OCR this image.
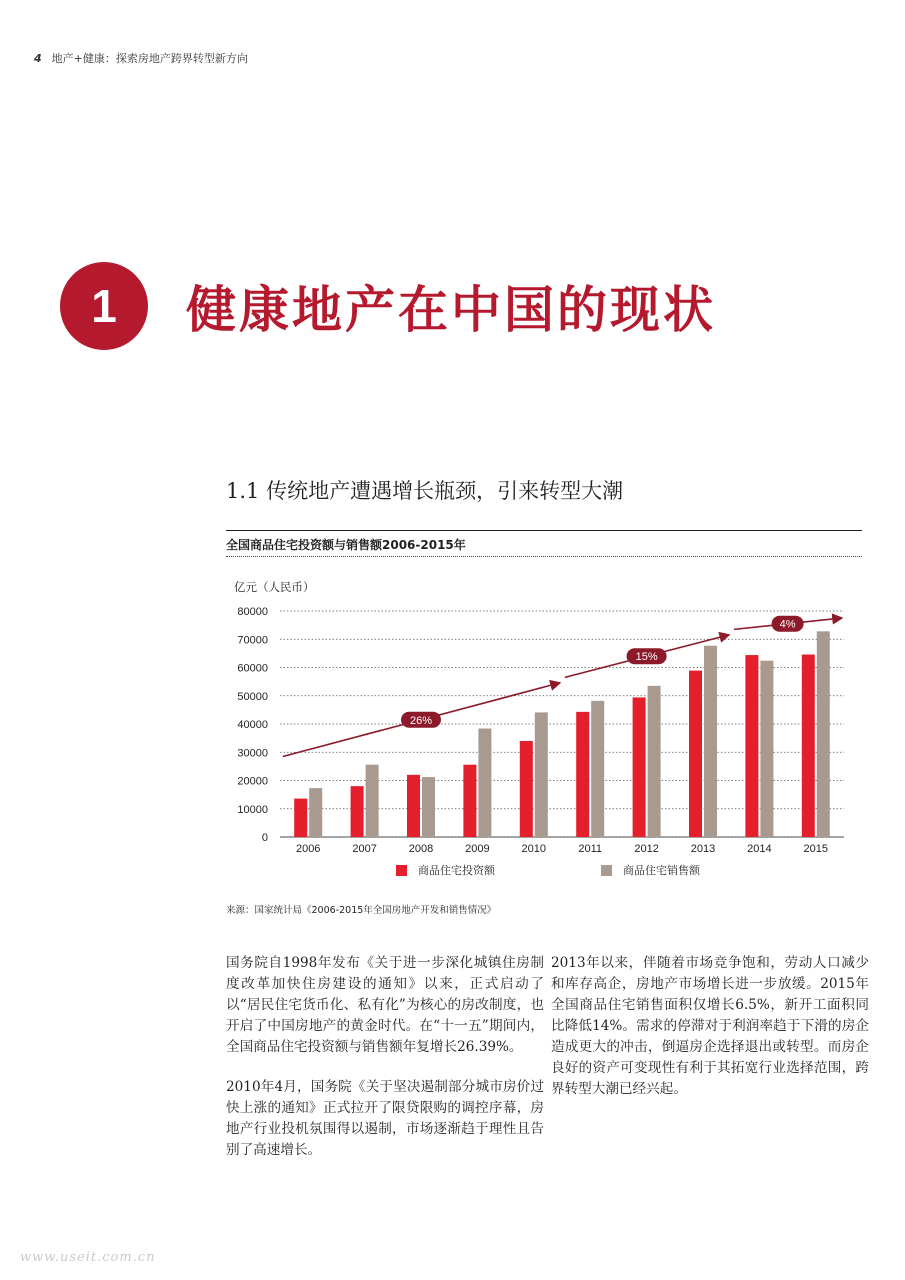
4 地产+健康：探索房地产跨界转型新方向
1	健康地产在中国的现状
1.1 传统地产遭遇增长瓶颈，引来转型大潮
全国商品住宅投资额与销售额2006-2015年
亿元（人民币）
0
10000
20000
30000
40000
50000
60000
70000
80000
2006	2007	2008	2009	2010	2011	2012	2013	2014	2015
26%
15%
4%
商品住宅投资额	商品住宅销售额
来源：国家统计局《2006-2015年全国房地产开发和销售情况》

国务院自1998年发布《关于进一步深化城镇住房制度改革加快住房建设的通知》以来，正式启动了以“居民住宅货币化、私有化”为核心的房改制度，也开启了中国房地产的黄金时代。在“十一五”期间内，全国商品住宅投资额与销售额年复增长26.39%。

2010年4月，国务院《关于坚决遏制部分城市房价过快上涨的通知》正式拉开了限贷限购的调控序幕，房地产行业投机氛围得以遏制，市场逐渐趋于理性且告别了高速增长。

2013年以来，伴随着市场竞争饱和，劳动人口减少和库存高企，房地产市场增长进一步放缓。2015年全国商品住宅销售面积仅增长6.5%，新开工面积同比降低14%。需求的停滞对于利润率趋于下滑的房企造成更大的冲击，倒逼房企选择退出或转型。而房企良好的资产可变现性有利于其拓宽行业选择范围，跨界转型大潮已经兴起。

www.useit.com.cn
